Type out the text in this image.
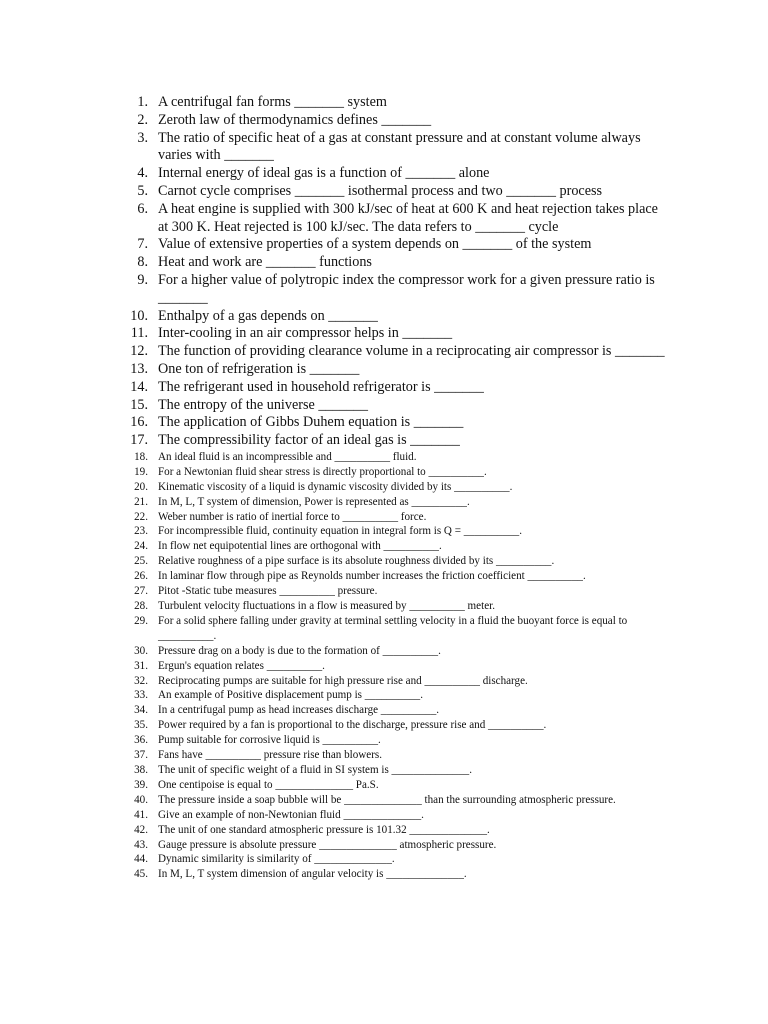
1. A centrifugal fan forms _______ system
2. Zeroth law of thermodynamics defines _______
3. The ratio of specific heat of a gas at constant pressure and at constant volume always varies with _______
4. Internal energy of ideal gas is a function of _______ alone
5. Carnot cycle comprises _______ isothermal process and two _______ process
6. A heat engine is supplied with 300 kJ/sec of heat at 600 K and heat rejection takes place at 300 K. Heat rejected is 100 kJ/sec. The data refers to _______ cycle
7. Value of extensive properties of a system depends on _______ of the system
8. Heat and work are _______ functions
9. For a higher value of polytropic index the compressor work for a given pressure ratio is _______
10. Enthalpy of a gas depends on _______
11. Inter-cooling in an air compressor helps in _______
12. The function of providing clearance volume in a reciprocating air compressor is _______
13. One ton of refrigeration is _______
14. The refrigerant used in household refrigerator is _______
15. The entropy of the universe _______
16. The application of Gibbs Duhem equation is _______
17. The compressibility factor of an ideal gas is _______
18. An ideal fluid is an incompressible and __________ fluid.
19. For a Newtonian fluid shear stress is directly proportional to __________.
20. Kinematic viscosity of a liquid is dynamic viscosity divided by its __________.
21. In M, L, T system of dimension, Power is represented as __________.
22. Weber number is ratio of inertial force to __________ force.
23. For incompressible fluid, continuity equation in integral form is Q = __________.
24. In flow net equipotential lines are orthogonal with __________.
25. Relative roughness of a pipe surface is its absolute roughness divided by its __________.
26. In laminar flow through pipe as Reynolds number increases the friction coefficient __________.
27. Pitot -Static tube measures __________ pressure.
28. Turbulent velocity fluctuations in a flow is measured by __________ meter.
29. For a solid sphere falling under gravity at terminal settling velocity in a fluid the buoyant force is equal to __________.
30. Pressure drag on a body is due to the formation of __________.
31. Ergun's equation relates __________.
32. Reciprocating pumps are suitable for high pressure rise and __________ discharge.
33. An example of Positive displacement pump is __________.
34. In a centrifugal pump as head increases discharge __________.
35. Power required by a fan is proportional to the discharge, pressure rise and __________.
36. Pump suitable for corrosive liquid is __________.
37. Fans have __________ pressure rise than blowers.
38. The unit of specific weight of a fluid in SI system is ______________.
39. One centipoise is equal to ______________ Pa.S.
40. The pressure inside a soap bubble will be ______________ than the surrounding atmospheric pressure.
41. Give an example of non-Newtonian fluid ______________.
42. The unit of one standard atmospheric pressure is 101.32 ______________.
43. Gauge pressure is absolute pressure ______________ atmospheric pressure.
44. Dynamic similarity is similarity of ______________.
45. In M, L, T system dimension of angular velocity is ______________.
